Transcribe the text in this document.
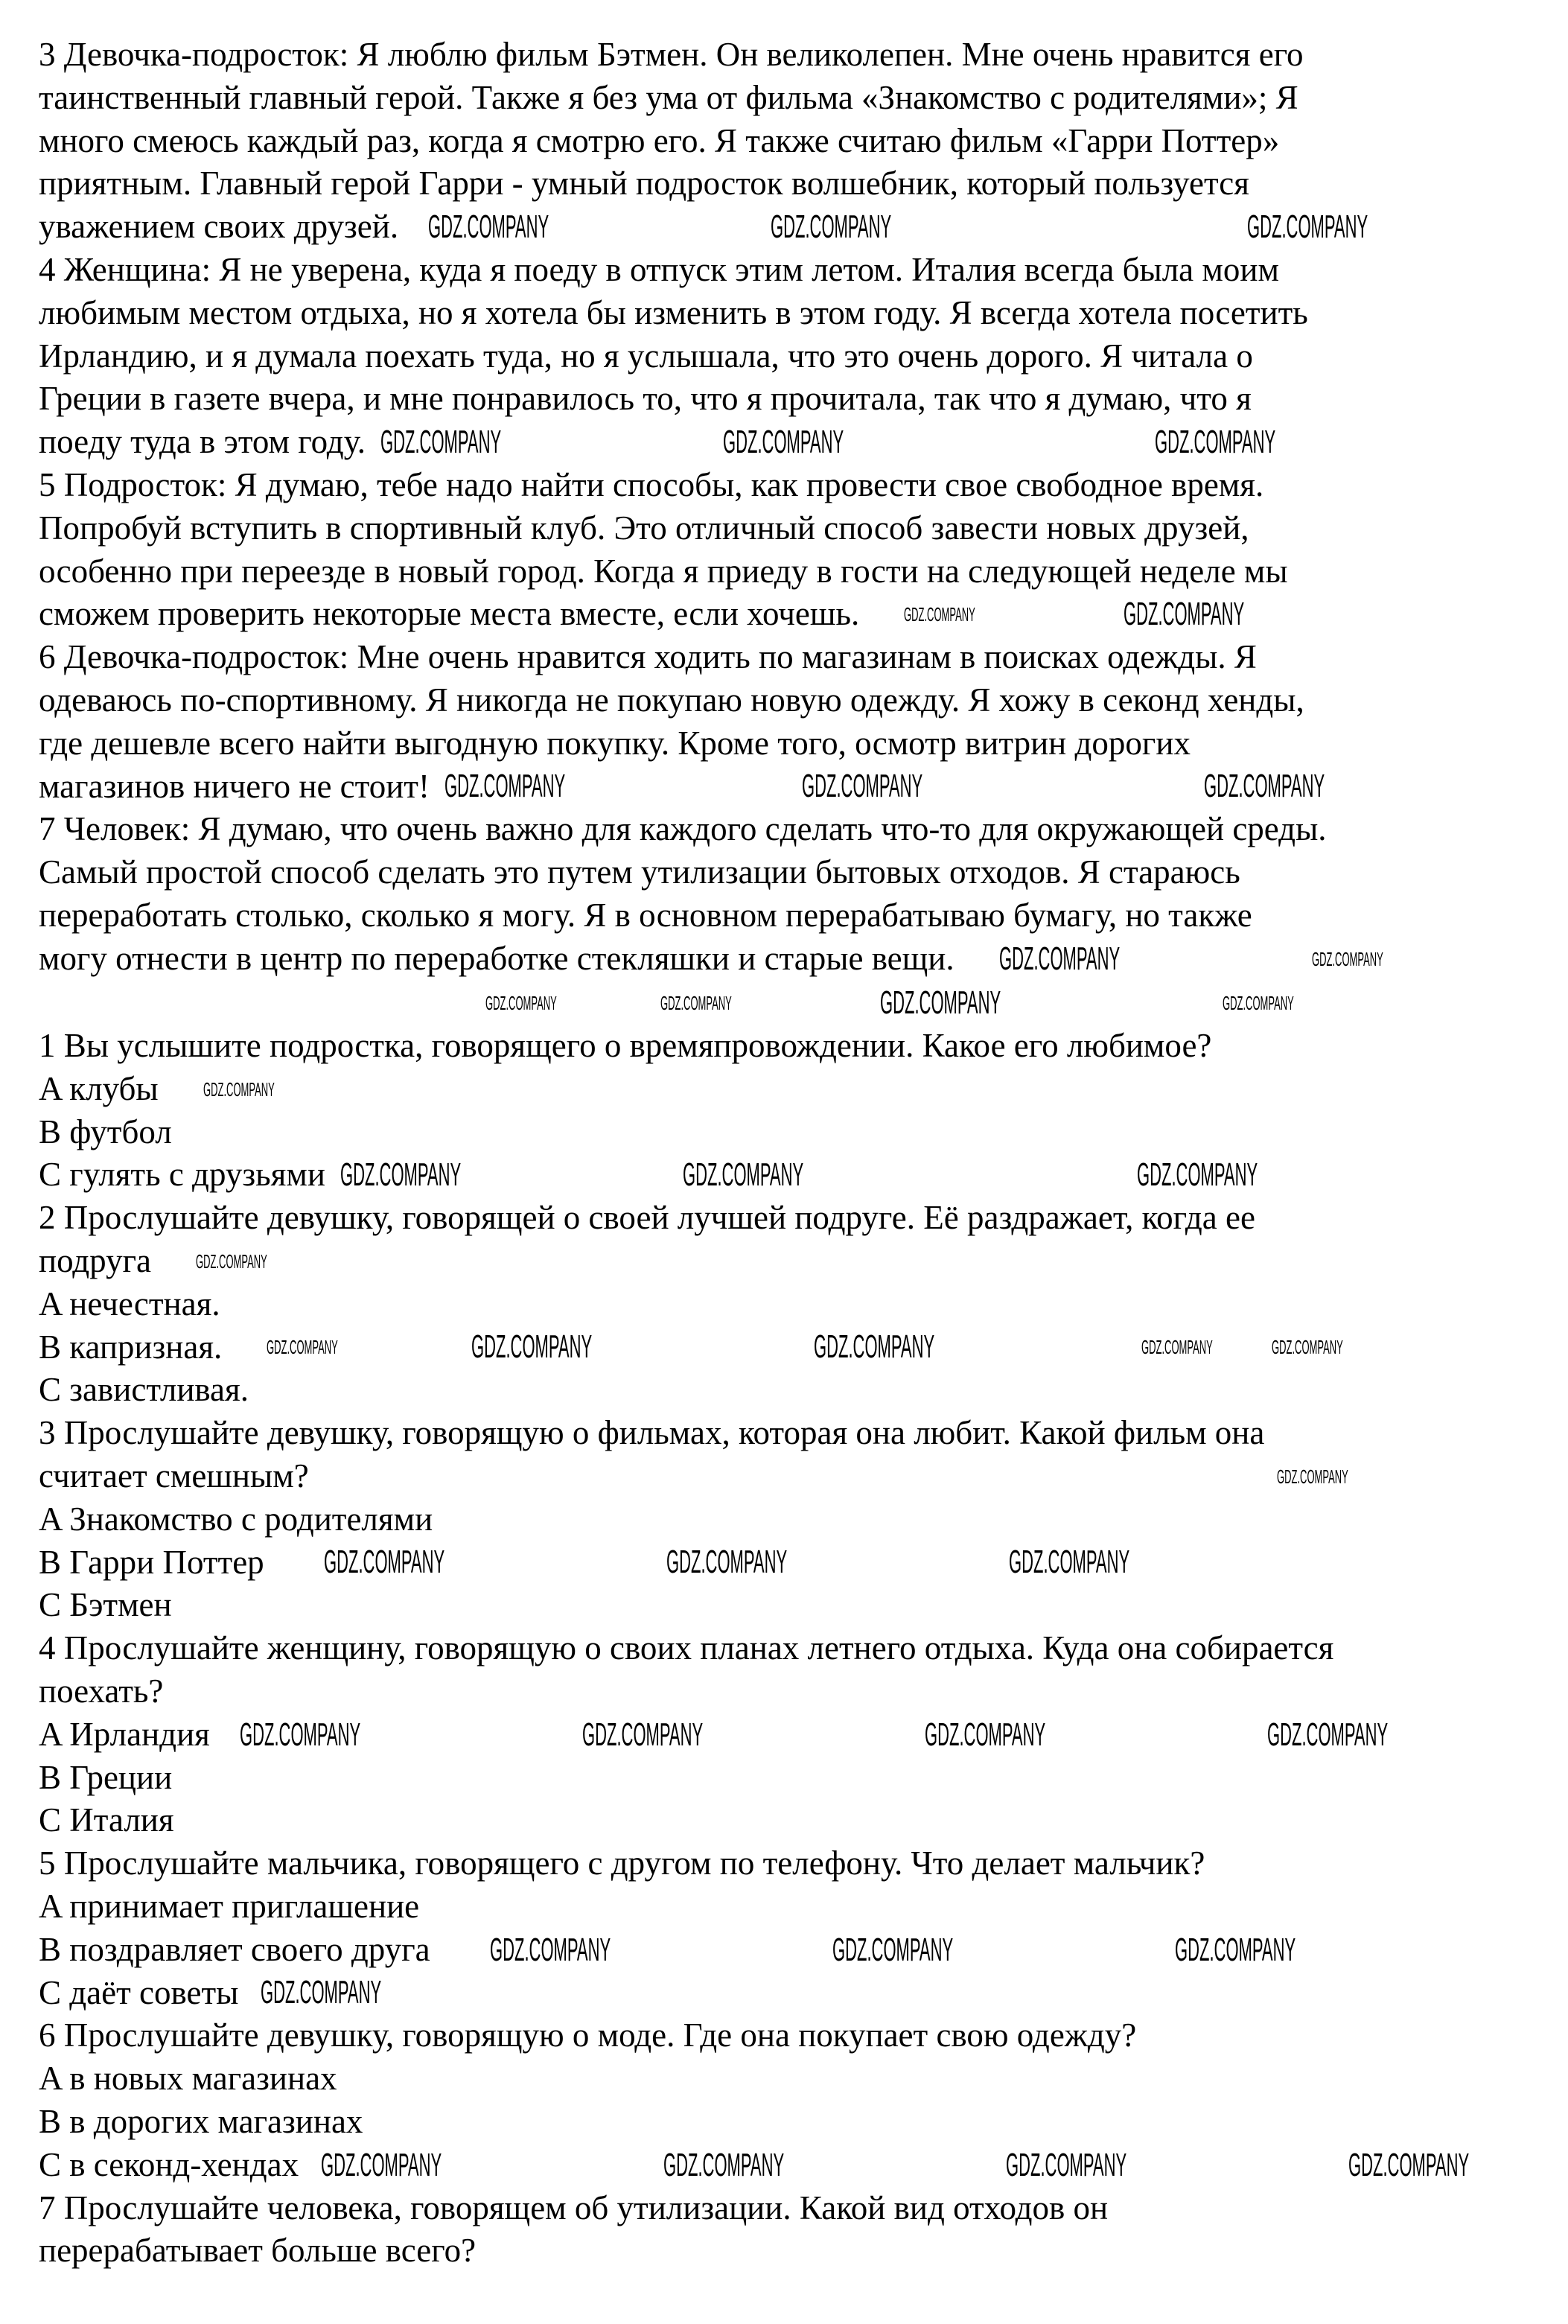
3 Девочка-подросток: Я люблю фильм Бэтмен. Он великолепен. Мне очень нравится его
таинственный главный герой. Также я без ума от фильма «Знакомство с родителями»; Я
много смеюсь каждый раз, когда я смотрю его. Я также считаю фильм «Гарри Поттер»
приятным. Главный герой Гарри - умный подросток волшебник, который пользуется
уважением своих друзей. GDZ.COMPANY	GDZ.COMPANY	GDZ.COMPANY
4 Женщина: Я не уверена, куда я поеду в отпуск этим летом. Италия всегда была моим
любимым местом отдыха, но я хотела бы изменить в этом году. Я всегда хотела посетить
Ирландию, и я думала поехать туда, но я услышала, что это очень дорого. Я читала о
Греции в газете вчера, и мне понравилось то, что я прочитала, так что я думаю, что я
поеду туда в этом году. GDZ.COMPANY	GDZ.COMPANY	GDZ.COMPANY
5 Подросток: Я думаю, тебе надо найти способы, как провести свое свободное время.
Попробуй вступить в спортивный клуб. Это отличный способ завести новых друзей,
особенно при переезде в новый город. Когда я приеду в гости на следующей неделе мы
сможем проверить некоторые места вместе, если хочешь. GDZ.COMPANY	GDZ.COMPANY
6 Девочка-подросток: Мне очень нравится ходить по магазинам в поисках одежды. Я
одеваюсь по-спортивному. Я никогда не покупаю новую одежду. Я хожу в секонд хенды,
где дешевле всего найти выгодную покупку. Кроме того, осмотр витрин дорогих
магазинов ничего не стоит! GDZ.COMPANY	GDZ.COMPANY	GDZ.COMPANY
7 Человек: Я думаю, что очень важно для каждого сделать что-то для окружающей среды.
Самый простой способ сделать это путем утилизации бытовых отходов. Я стараюсь
переработать столько, сколько я могу. Я в основном перерабатываю бумагу, но также
могу отнести в центр по переработке стекляшки и старые вещи. GDZ.COMPANY	GDZ.COMPANY
GDZ.COMPANY	GDZ.COMPANY	GDZ.COMPANY	GDZ.COMPANY
1 Вы услышите подростка, говорящего о времяпровождении. Какое его любимое?
A клубы GDZ.COMPANY
B футбол
C гулять с друзьями GDZ.COMPANY	GDZ.COMPANY	GDZ.COMPANY
2 Прослушайте девушку, говорящей о своей лучшей подруге. Её раздражает, когда ее
подруга GDZ.COMPANY
A нечестная.
B капризная. GDZ.COMPANY	GDZ.COMPANY	GDZ.COMPANY	GDZ.COMPANY	GDZ.COMPANY
C завистливая.
3 Прослушайте девушку, говорящую о фильмах, которая она любит. Какой фильм она
считает смешным?	GDZ.COMPANY
A Знакомство с родителями
B Гарри Поттер GDZ.COMPANY	GDZ.COMPANY	GDZ.COMPANY
C Бэтмен
4 Прослушайте женщину, говорящую о своих планах летнего отдыха. Куда она собирается
поехать?
A Ирландия GDZ.COMPANY	GDZ.COMPANY	GDZ.COMPANY	GDZ.COMPANY
B Греции
C Италия
5 Прослушайте мальчика, говорящего с другом по телефону. Что делает мальчик?
A принимает приглашение
B поздравляет своего друга GDZ.COMPANY	GDZ.COMPANY	GDZ.COMPANY
C даёт советы GDZ.COMPANY
6 Прослушайте девушку, говорящую о моде. Где она покупает свою одежду?
A в новых магазинах
B в дорогих магазинах
C в секонд-хендах GDZ.COMPANY	GDZ.COMPANY	GDZ.COMPANY	GDZ.COMPANY
7 Прослушайте человека, говорящем об утилизации. Какой вид отходов он
перерабатывает больше всего?
